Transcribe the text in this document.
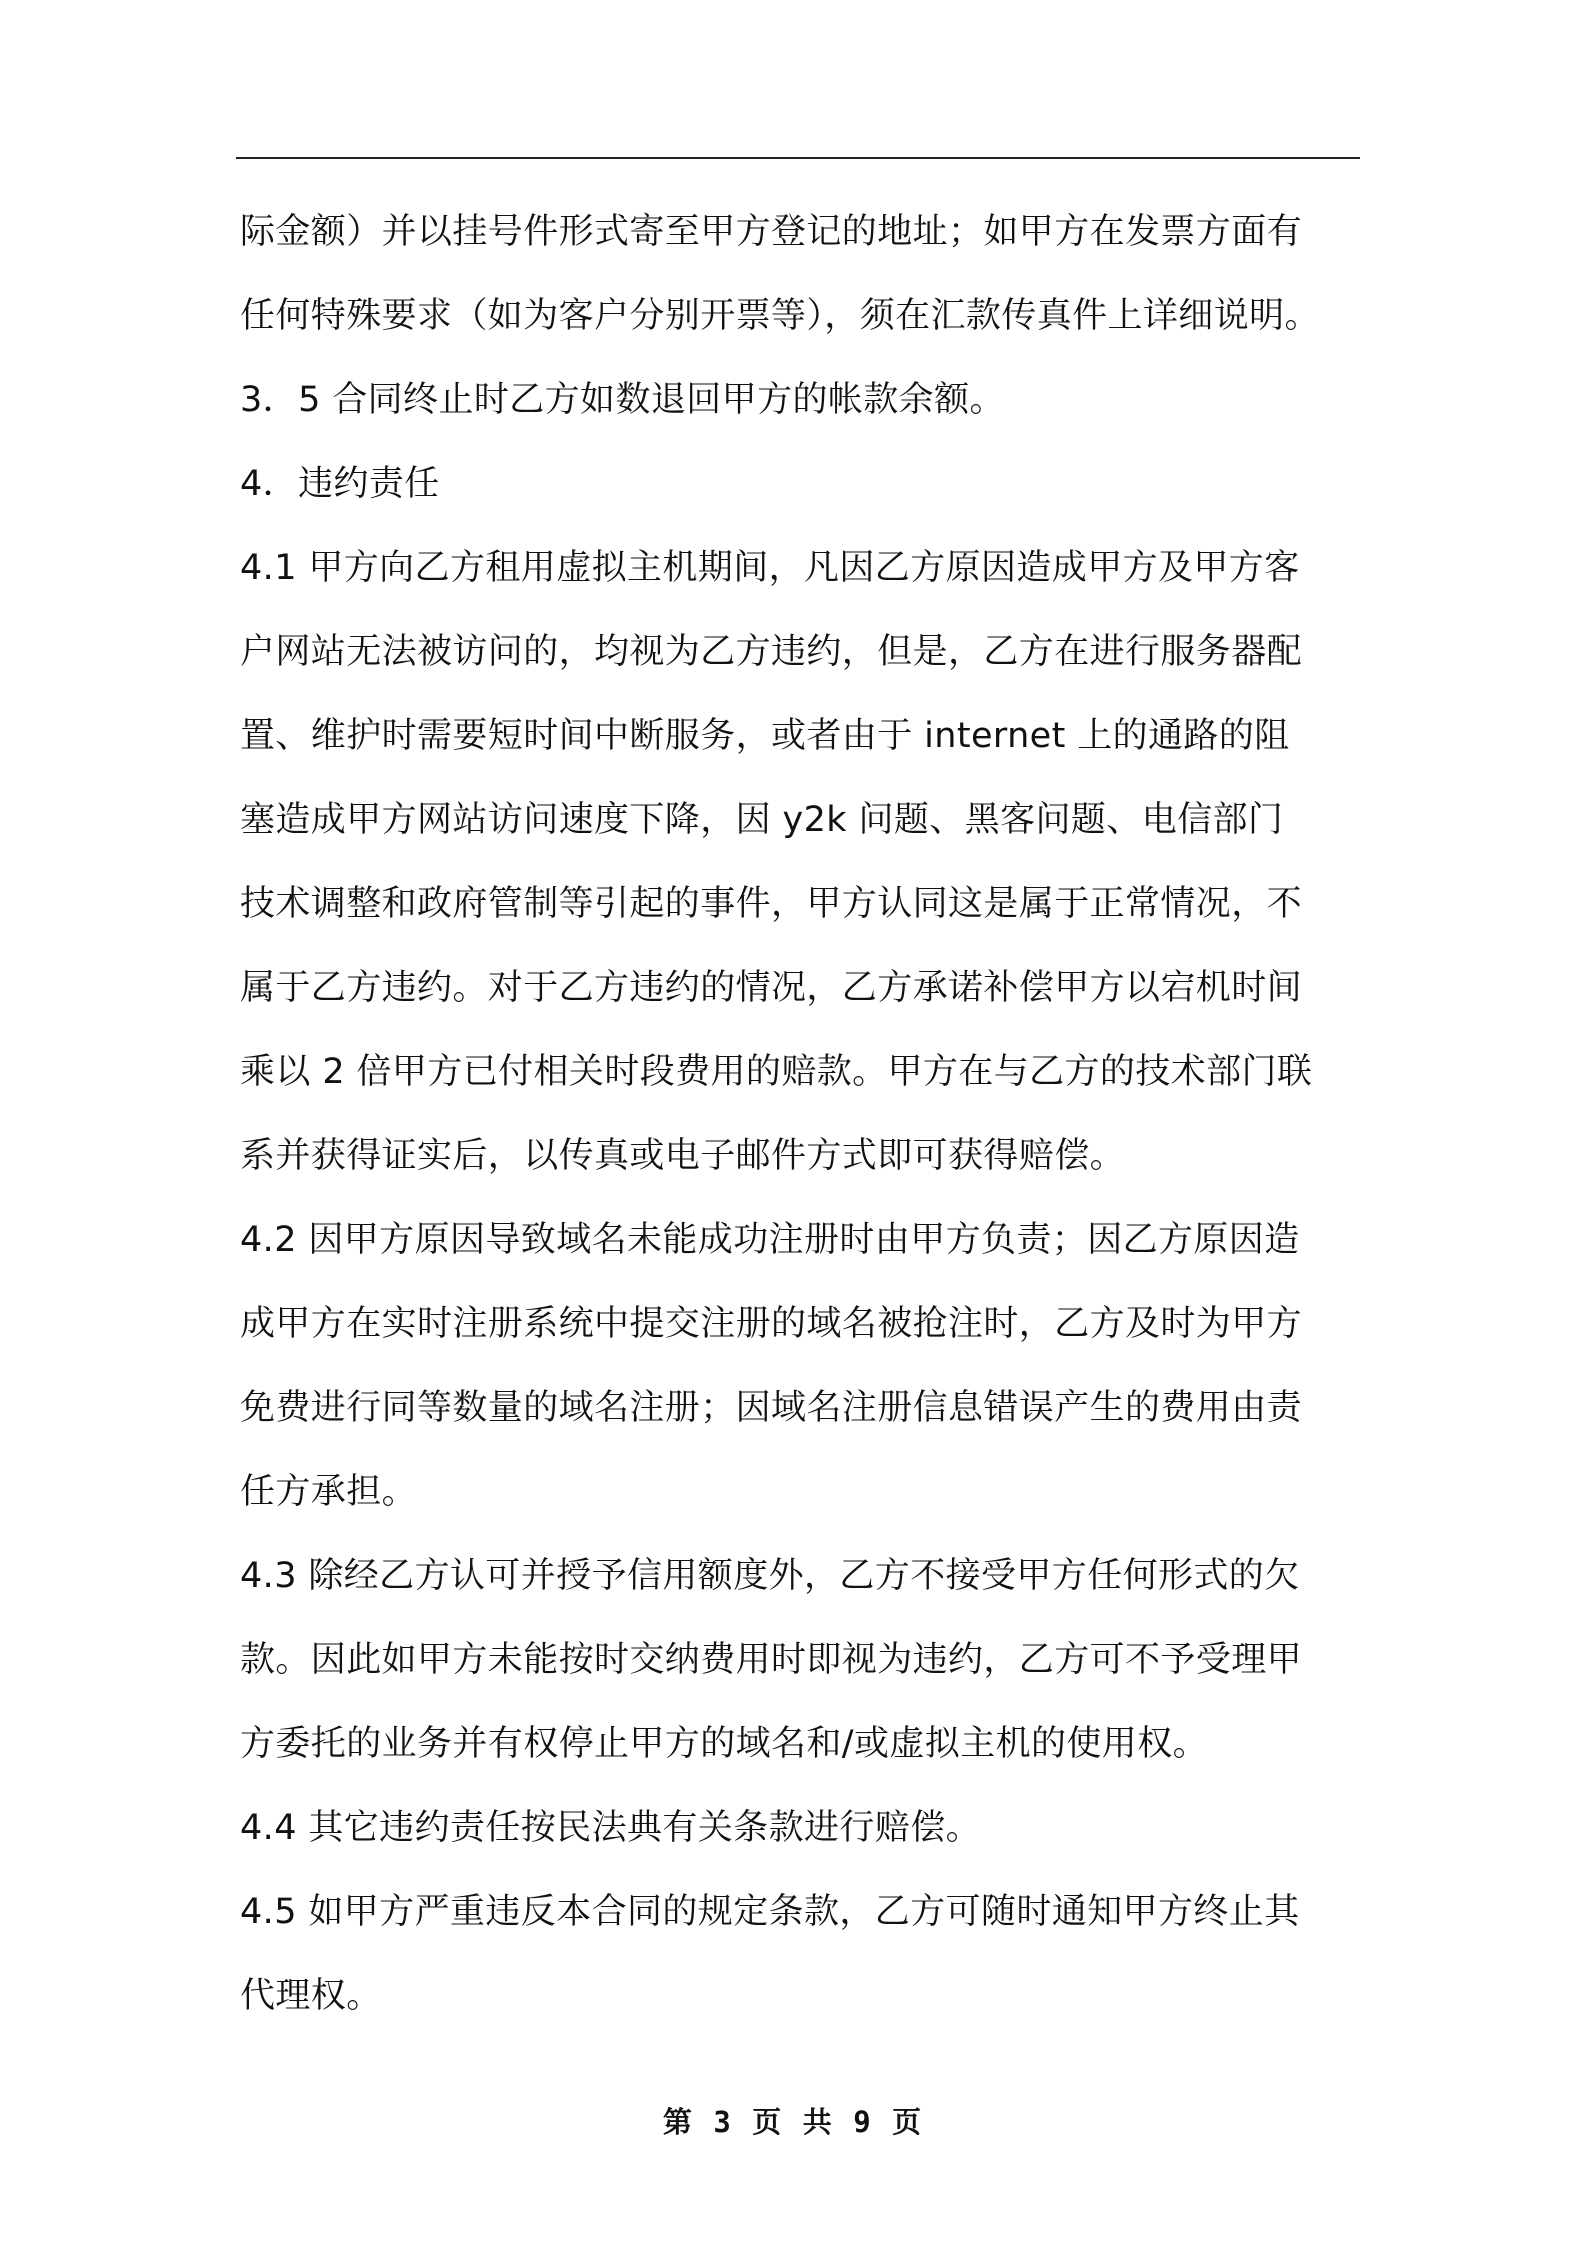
际金额）并以挂号件形式寄至甲方登记的地址；如甲方在发票方面有
任何特殊要求（如为客户分别开票等），须在汇款传真件上详细说明。
3．5 合同终止时乙方如数退回甲方的帐款余额。
4．违约责任
4.1 甲方向乙方租用虚拟主机期间，凡因乙方原因造成甲方及甲方客
户网站无法被访问的，均视为乙方违约，但是，乙方在进行服务器配
置、维护时需要短时间中断服务，或者由于 internet 上的通路的阻
塞造成甲方网站访问速度下降，因 y2k 问题、黑客问题、电信部门
技术调整和政府管制等引起的事件，甲方认同这是属于正常情况，不
属于乙方违约。对于乙方违约的情况，乙方承诺补偿甲方以宕机时间
乘以 2 倍甲方已付相关时段费用的赔款。甲方在与乙方的技术部门联
系并获得证实后，以传真或电子邮件方式即可获得赔偿。
4.2 因甲方原因导致域名未能成功注册时由甲方负责；因乙方原因造
成甲方在实时注册系统中提交注册的域名被抢注时，乙方及时为甲方
免费进行同等数量的域名注册；因域名注册信息错误产生的费用由责
任方承担。
4.3 除经乙方认可并授予信用额度外，乙方不接受甲方任何形式的欠
款。因此如甲方未能按时交纳费用时即视为违约，乙方可不予受理甲
方委托的业务并有权停止甲方的域名和/或虚拟主机的使用权。
4.4 其它违约责任按民法典有关条款进行赔偿。
4.5 如甲方严重违反本合同的规定条款，乙方可随时通知甲方终止其
代理权。

第 3 页 共 9 页
